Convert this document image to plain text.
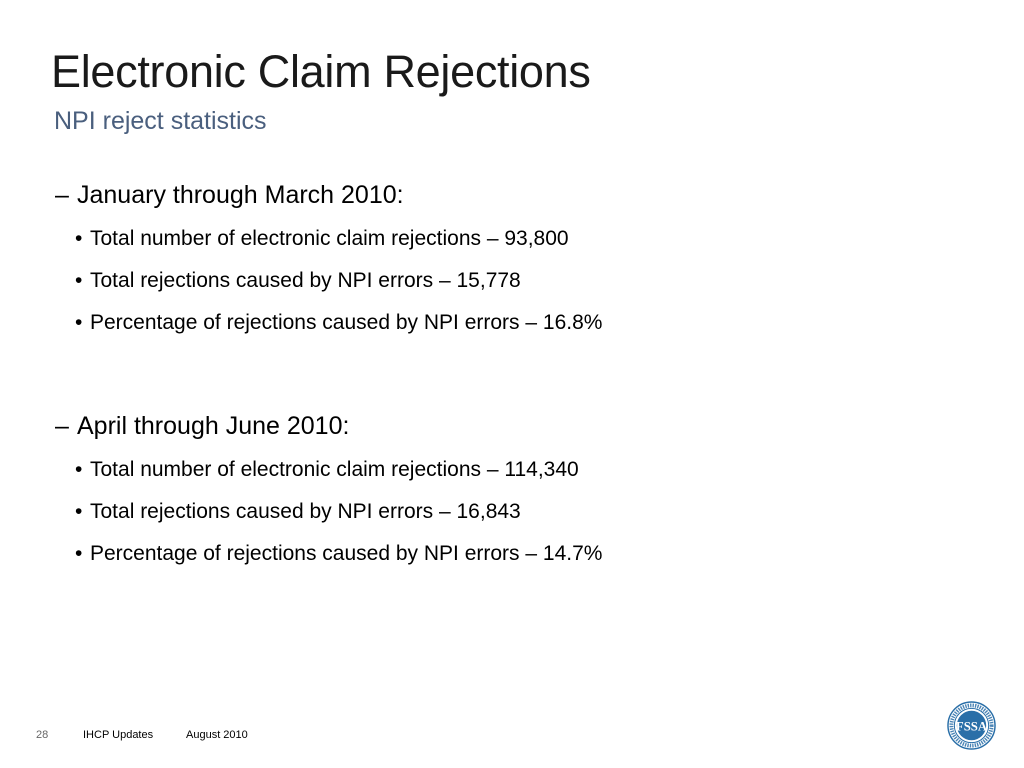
Electronic Claim Rejections
NPI reject statistics
– January through March 2010:
• Total number of electronic claim rejections – 93,800
• Total rejections caused by NPI errors – 15,778
• Percentage of rejections caused by NPI errors – 16.8%
– April through June 2010:
• Total number of electronic claim rejections – 114,340
• Total rejections caused by NPI errors – 16,843
• Percentage of rejections caused by NPI errors – 14.7%
28	IHCP Updates	August 2010
FSSA
